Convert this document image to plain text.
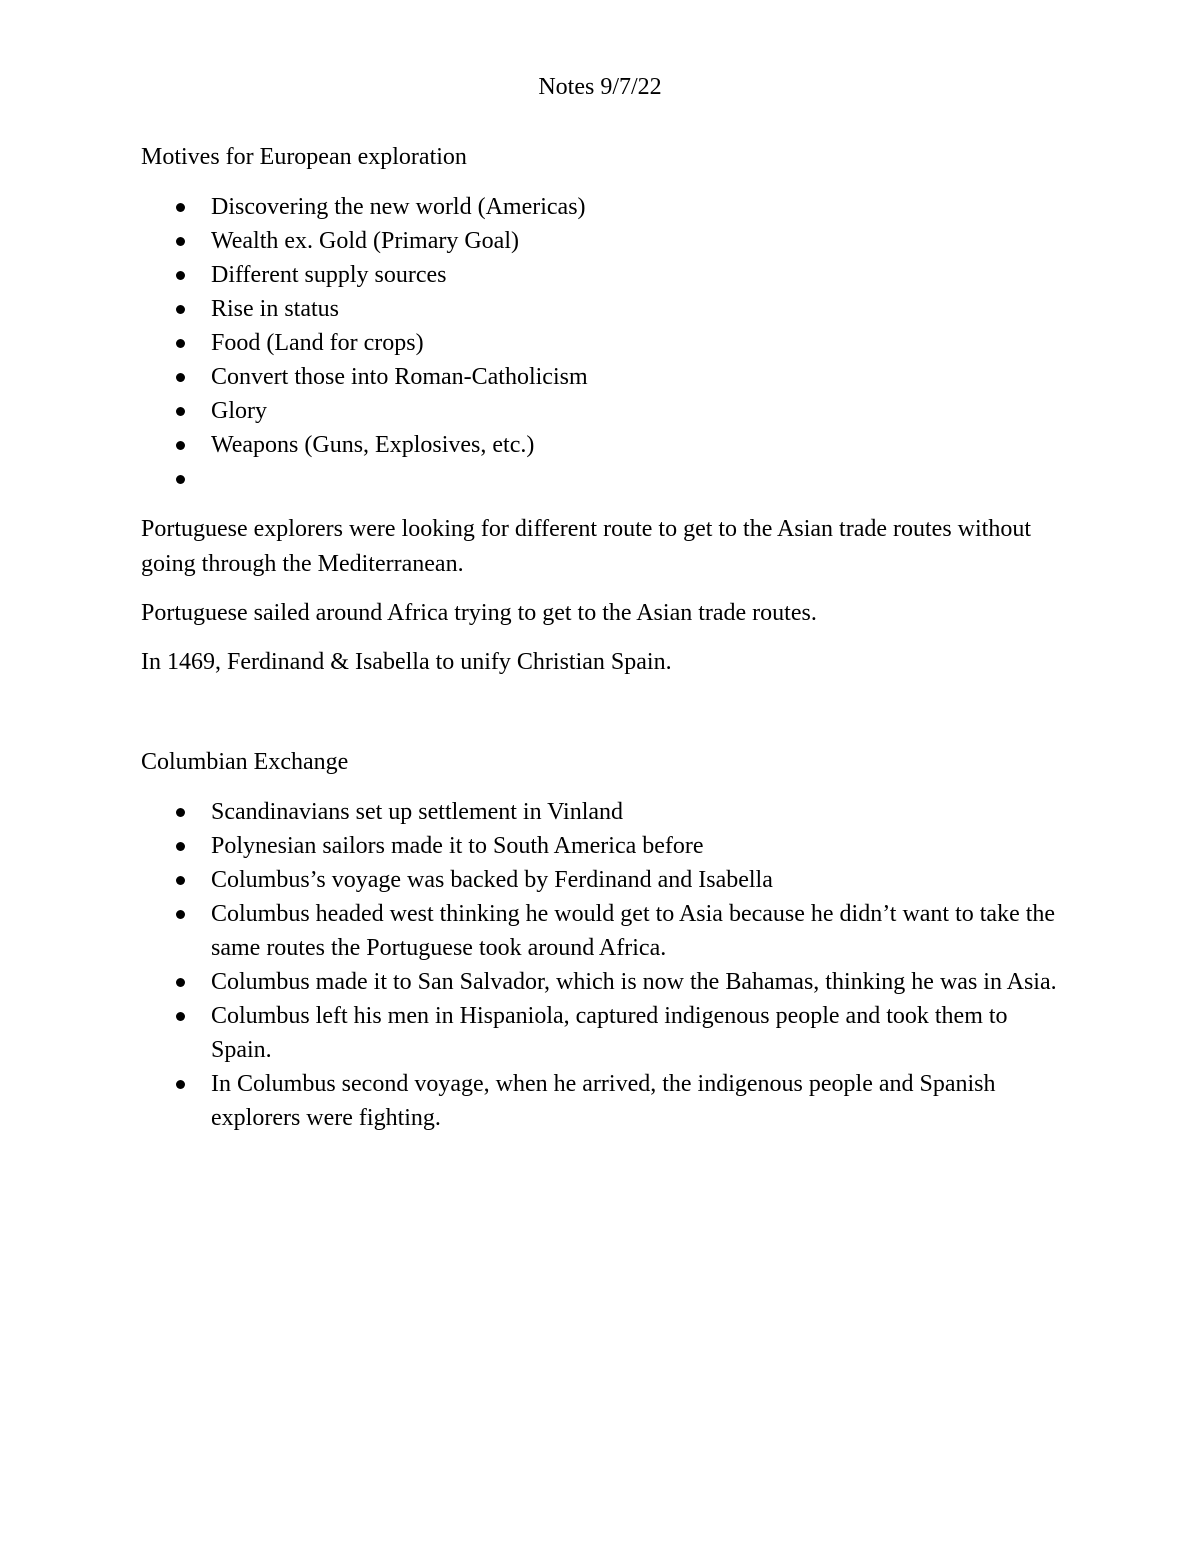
Notes 9/7/22

Motives for European exploration

Discovering the new world (Americas)
Wealth ex. Gold (Primary Goal)
Different supply sources
Rise in status
Food (Land for crops)
Convert those into Roman-Catholicism
Glory
Weapons (Guns, Explosives, etc.)

Portuguese explorers were looking for different route to get to the Asian trade routes without going through the Mediterranean.

Portuguese sailed around Africa trying to get to the Asian trade routes.

In 1469, Ferdinand & Isabella to unify Christian Spain.

Columbian Exchange

Scandinavians set up settlement in Vinland
Polynesian sailors made it to South America before
Columbus’s voyage was backed by Ferdinand and Isabella
Columbus headed west thinking he would get to Asia because he didn’t want to take the same routes the Portuguese took around Africa.
Columbus made it to San Salvador, which is now the Bahamas, thinking he was in Asia.
Columbus left his men in Hispaniola, captured indigenous people and took them to Spain.
In Columbus second voyage, when he arrived, the indigenous people and Spanish explorers were fighting.
